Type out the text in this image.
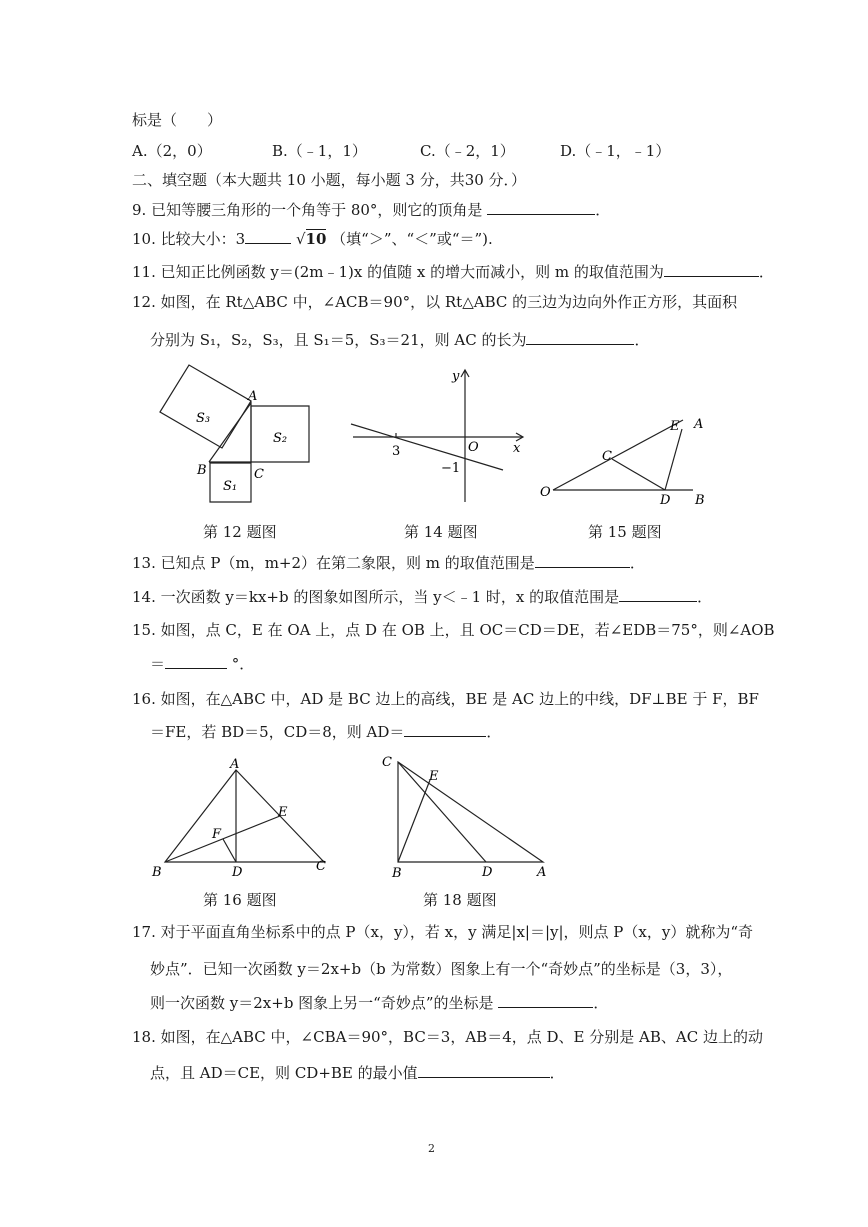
标是（　　）
A.（2，0）	B.（﹣1，1）	C.（﹣2，1）	D.（﹣1，﹣1）
二、填空题（本大题共 10 小题，每小题 3 分，共30 分．）
9. 已知等腰三角形的一个角等于 80°，则它的顶角是	．
10. 比较大小：3	√10 （填“＞”、“＜”或“＝”).
11. 已知正比例函数 y＝(2m﹣1)x 的值随 x 的增大而减小，则 m 的取值范围为	．
12. 如图，在 Rt△ABC 中，∠ACB＝90°，以 Rt△ABC 的三边为边向外作正方形，其面积
分别为 S₁，S₂，S₃，且 S₁＝5，S₃＝21，则 AC 的长为	．
S₃
S₂
S₁
A
B	C
第 12 题图
y
x
O
3
−1
第 14 题图
O
C
E A
D B
第 15 题图
13. 已知点 P（m，m+2）在第二象限，则 m 的取值范围是	．
14. 一次函数 y＝kx+b 的图象如图所示，当 y＜﹣1 时，x 的取值范围是	．
15. 如图，点 C，E 在 OA 上，点 D 在 OB 上，且 OC＝CD＝DE，若∠EDB＝75°，则∠AOB
＝	°．
16. 如图，在△ABC 中，AD 是 BC 边上的高线，BE 是 AC 边上的中线，DF⊥BE 于 F，BF
＝FE，若 BD＝5，CD＝8，则 AD＝	．
A
B	C
D
E
F
第 16 题图
C
E
B	D	A
第 18 题图
17. 对于平面直角坐标系中的点 P（x，y），若 x，y 满足|x|＝|y|，则点 P（x，y）就称为“奇
妙点”．已知一次函数 y＝2x+b（b 为常数）图象上有一个“奇妙点”的坐标是（3，3），
则一次函数 y＝2x+b 图象上另一“奇妙点”的坐标是	．
18. 如图，在△ABC 中，∠CBA＝90°，BC＝3，AB＝4，点 D、E 分别是 AB、AC 边上的动
点，且 AD＝CE，则 CD+BE 的最小值	．
2
